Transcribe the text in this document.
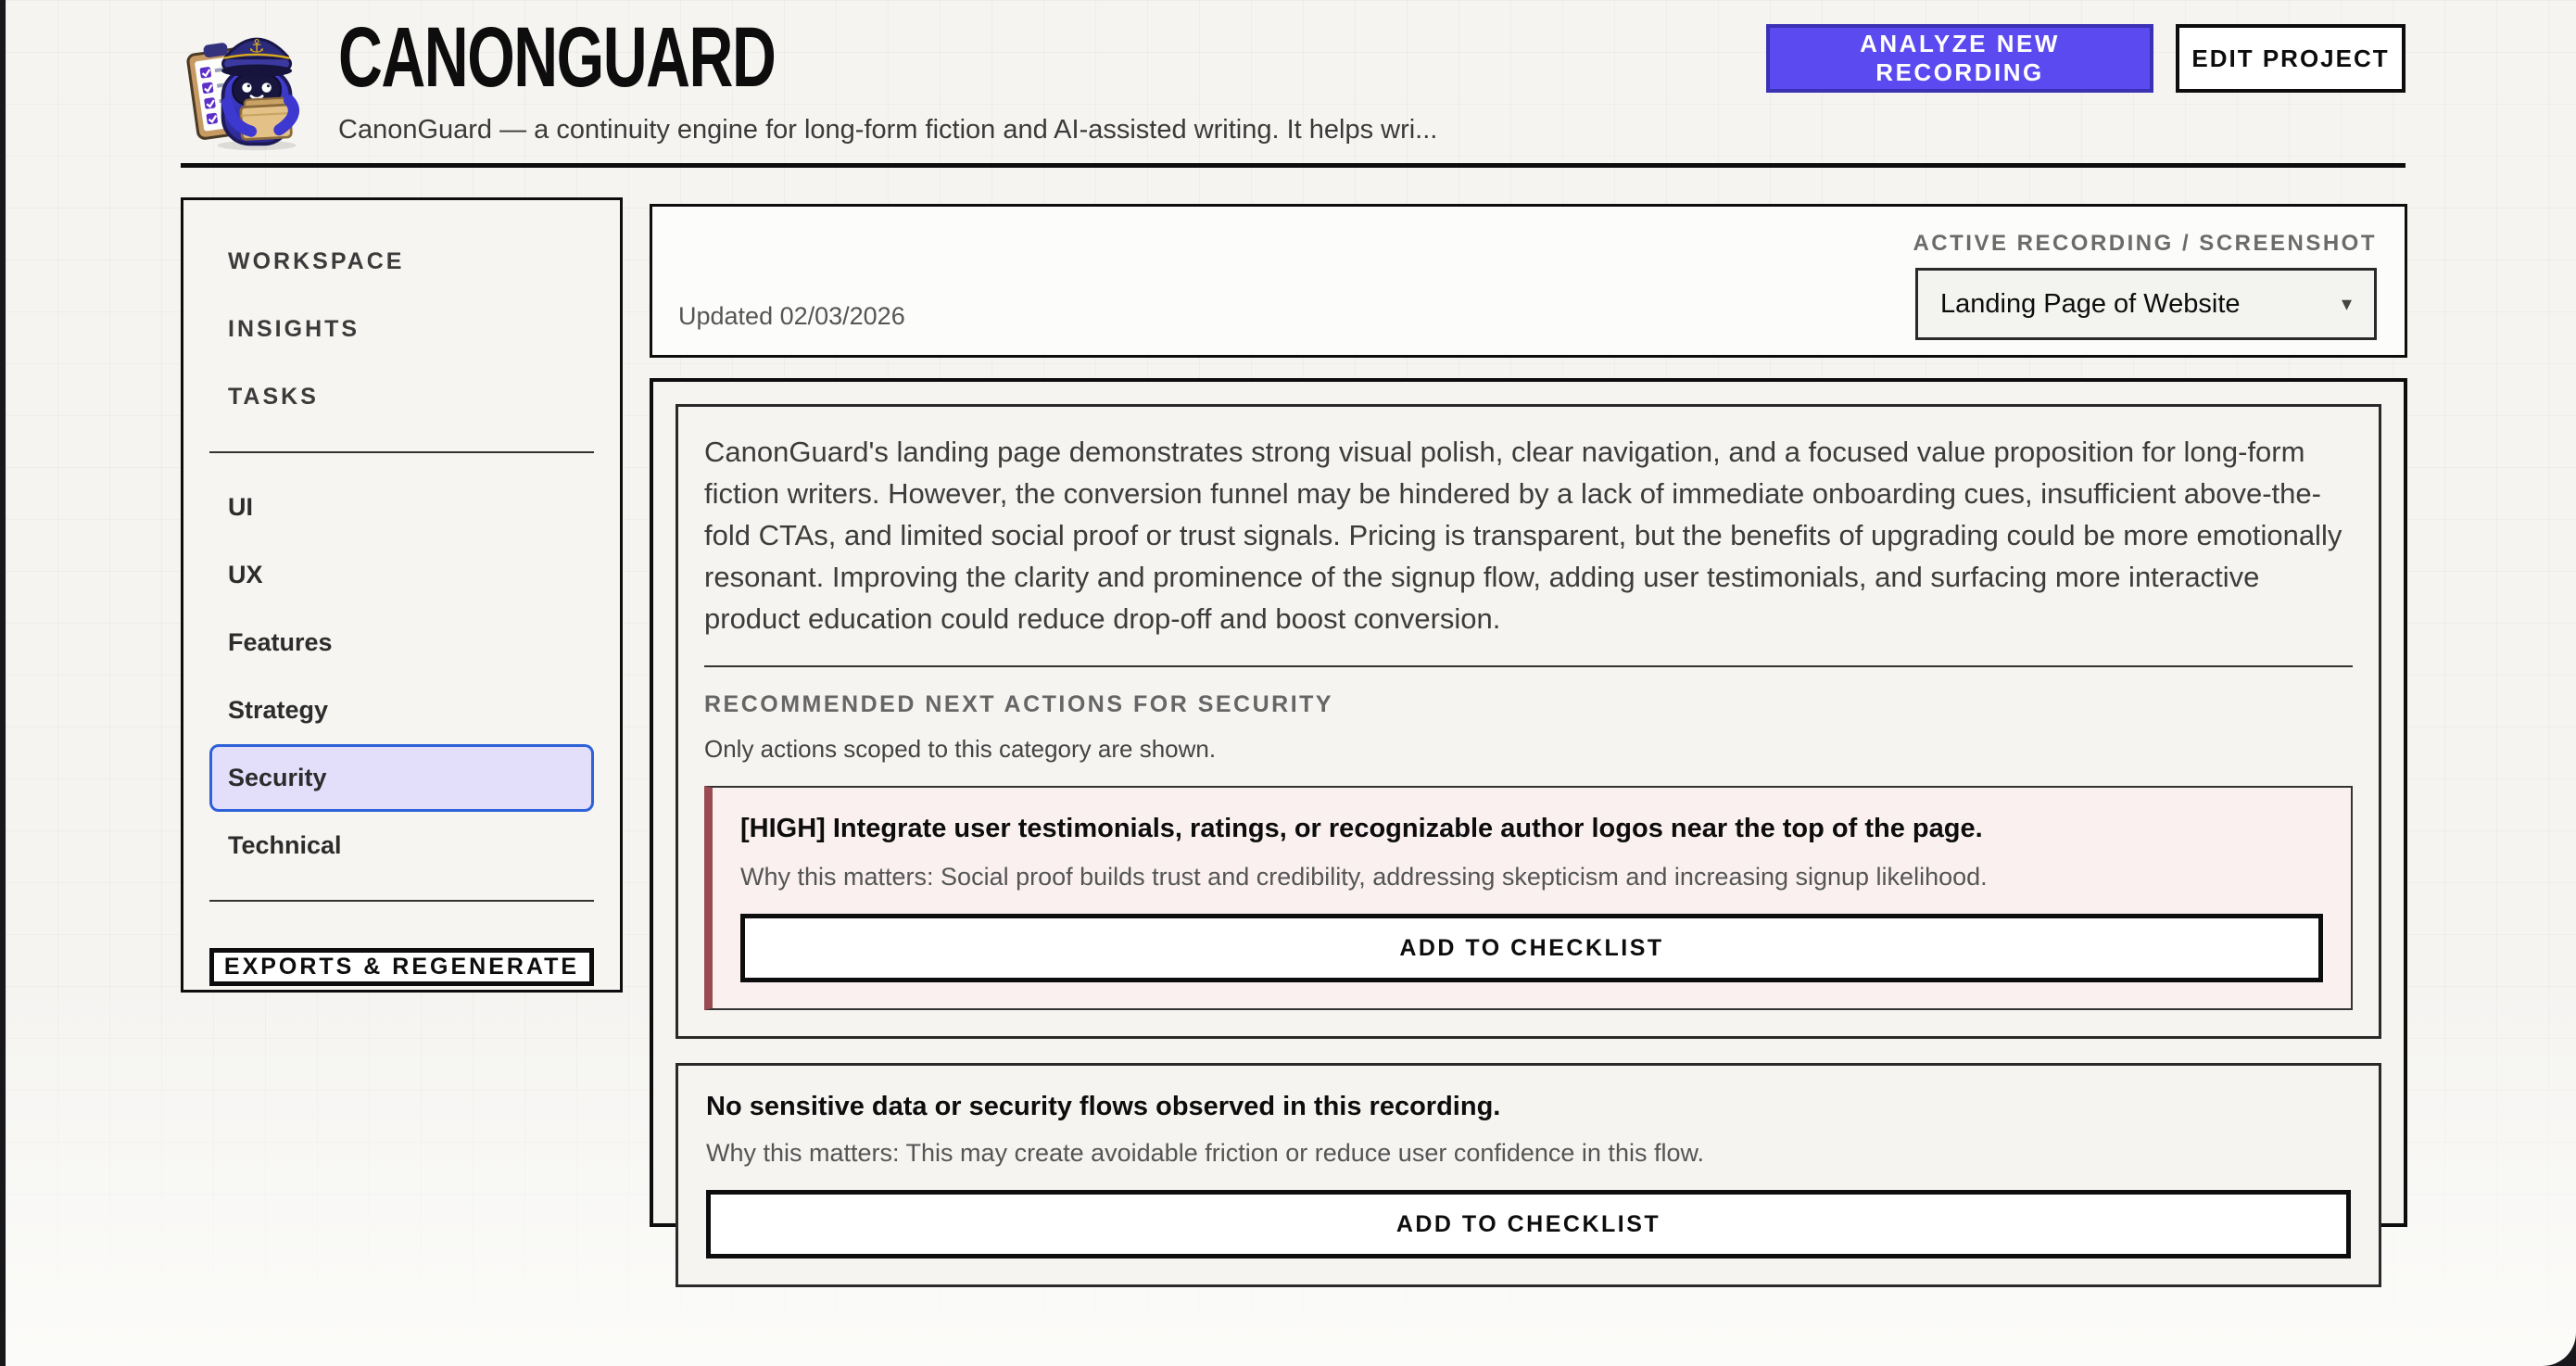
⚓ CANONGUARD
CanonGuard — a continuity engine for long-form fiction and AI-assisted writing. It helps wri...
ANALYZE NEW RECORDING
EDIT PROJECT
WORKSPACE
INSIGHTS
TASKS
UI
UX
Features
Strategy
Security
Technical
EXPORTS & REGENERATE
Updated 02/03/2026
ACTIVE RECORDING / SCREENSHOT
Landing Page of Website	▾
CanonGuard's landing page demonstrates strong visual polish, clear navigation, and a focused value proposition for long-form fiction writers. However, the conversion funnel may be hindered by a lack of immediate onboarding cues, insufficient above-the-fold CTAs, and limited social proof or trust signals. Pricing is transparent, but the benefits of upgrading could be more emotionally resonant. Improving the clarity and prominence of the signup flow, adding user testimonials, and surfacing more interactive product education could reduce drop-off and boost conversion.
RECOMMENDED NEXT ACTIONS FOR SECURITY
Only actions scoped to this category are shown.
[HIGH] Integrate user testimonials, ratings, or recognizable author logos near the top of the page.
Why this matters: Social proof builds trust and credibility, addressing skepticism and increasing signup likelihood.
ADD TO CHECKLIST
No sensitive data or security flows observed in this recording.
Why this matters: This may create avoidable friction or reduce user confidence in this flow.
ADD TO CHECKLIST
